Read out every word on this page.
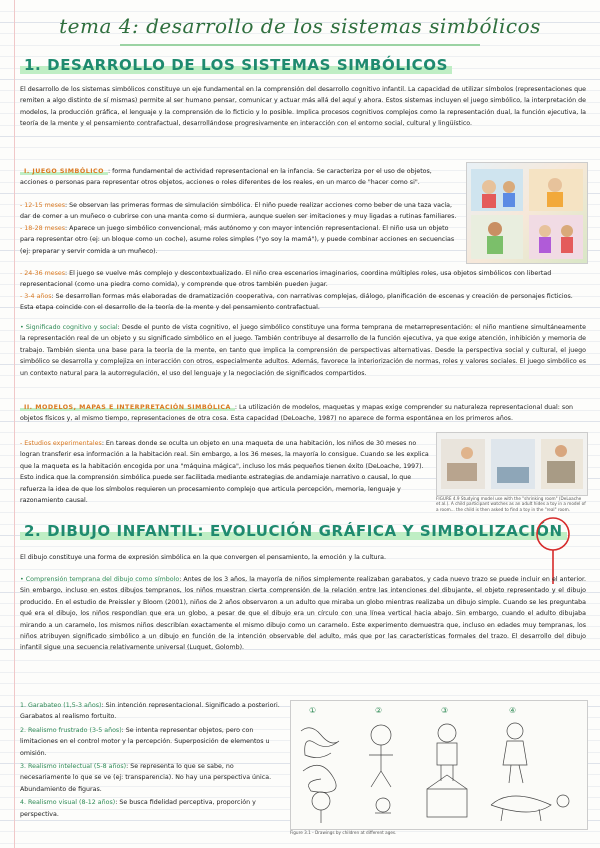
tema 4: desarrollo de los sistemas simbólicos
1. DESARROLLO DE LOS SISTEMAS SIMBÓLICOS
El desarrollo de los sistemas simbólicos constituye un eje fundamental en la comprensión del desarrollo cognitivo infantil. La capacidad de utilizar símbolos (representaciones que remiten a algo distinto de sí mismas) permite al ser humano pensar, comunicar y actuar más allá del aquí y ahora. Estos sistemas incluyen el juego simbólico, la interpretación de modelos, la producción gráfica, el lenguaje y la comprensión de lo ficticio y lo posible. Implica procesos cognitivos complejos como la representación dual, la función ejecutiva, la teoría de la mente y el pensamiento contrafactual, desarrollándose progresivamente en interacción con el entorno social, cultural y lingüístico.
I. JUEGO SIMBÓLICO : forma fundamental de actividad representacional en la infancia. Se caracteriza por el uso de objetos, acciones o personas para representar otros objetos, acciones o roles diferentes de los reales, en un marco de "hacer como si".
- 12-15 meses: Se observan las primeras formas de simulación simbólica. El niño puede realizar acciones como beber de una taza vacía, dar de comer a un muñeco o cubrirse con una manta como si durmiera, aunque suelen ser imitaciones y muy ligadas a rutinas familiares.
- 18-28 meses: Aparece un juego simbólico convencional, más autónomo y con mayor intención representacional. El niño usa un objeto para representar otro (ej: un bloque como un coche), asume roles simples ("yo soy la mamá"), y puede combinar acciones en secuencias (ej: preparar y servir comida a un muñeco).
- 24-36 meses: El juego se vuelve más complejo y descontextualizado. El niño crea escenarios imaginarios, coordina múltiples roles, usa objetos simbólicos con libertad representacional (como una piedra como comida), y comprende que otros también pueden jugar.
- 3-4 años: Se desarrollan formas más elaboradas de dramatización cooperativa, con narrativas complejas, diálogo, planificación de escenas y creación de personajes ficticios. Esta etapa coincide con el desarrollo de la teoría de la mente y del pensamiento contrafactual.
• Significado cognitivo y social: Desde el punto de vista cognitivo, el juego simbólico constituye una forma temprana de metarrepresentación: el niño mantiene simultáneamente la representación real de un objeto y su significado simbólico en el juego. También contribuye al desarrollo de la función ejecutiva, ya que exige atención, inhibición y memoria de trabajo. También sienta una base para la teoría de la mente, en tanto que implica la comprensión de perspectivas alternativas. Desde la perspectiva social y cultural, el juego simbólico se desarrolla y complejiza en interacción con otros, especialmente adultos. Además, favorece la interiorización de normas, roles y valores sociales. El juego simbólico es un contexto natural para la autorregulación, el uso del lenguaje y la negociación de significados compartidos.
II. MODELOS, MAPAS E INTERPRETACIÓN SIMBÓLICA : La utilización de modelos, maquetas y mapas exige comprender su naturaleza representacional dual: son objetos físicos y, al mismo tiempo, representaciones de otra cosa. Esta capacidad (DeLoache, 1987) no aparece de forma espontánea en los primeros años.
- Estudios experimentales: En tareas donde se oculta un objeto en una maqueta de una habitación, los niños de 30 meses no logran transferir esa información a la habitación real. Sin embargo, a los 36 meses, la mayoría lo consigue. Cuando se les explica que la maqueta es la habitación encogida por una "máquina mágica", incluso los más pequeños tienen éxito (DeLoache, 1997). Esto indica que la comprensión simbólica puede ser facilitada mediante estrategias de andamiaje narrativo o causal, lo que refuerza la idea de que los símbolos requieren un procesamiento complejo que articula percepción, memoria, lenguaje y razonamiento causal.	FIGURE 4.9 Studying model use with the "shrinking room" (DeLoache et al.). A child participant watches as an adult hides a toy in a model of a room... the child is then asked to find a toy in the "real" room.
2. DIBUJO INFANTIL: EVOLUCIÓN GRÁFICA Y SIMBOLIZACIÓN
El dibujo constituye una forma de expresión simbólica en la que convergen el pensamiento, la emoción y la cultura.
• Comprensión temprana del dibujo como símbolo: Antes de los 3 años, la mayoría de niños simplemente realizaban garabatos, y cada nuevo trazo se puede incluir en el anterior. Sin embargo, incluso en estos dibujos tempranos, los niños muestran cierta comprensión de la relación entre las intenciones del dibujante, el objeto representado y el dibujo producido. En el estudio de Preissler y Bloom (2001), niños de 2 años observaron a un adulto que miraba un globo mientras realizaba un dibujo simple. Cuando se les preguntaba qué era el dibujo, los niños respondían que era un globo, a pesar de que el dibujo era un círculo con una línea vertical hacia abajo. Sin embargo, cuando el adulto dibujaba mirando a un caramelo, los mismos niños describían exactamente el mismo dibujo como un caramelo. Este experimento demuestra que, incluso en edades muy tempranas, los niños atribuyen significado simbólico a un dibujo en función de la intención observable del adulto, más que por las características formales del trazo. El desarrollo del dibujo infantil sigue una secuencia relativamente universal (Luquet, Golomb).
1. Garabateo (1,5-3 años): Sin intención representacional. Significado a posteriori. Garabatos al realismo fortuito.
2. Realismo frustrado (3-5 años): Se intenta representar objetos, pero con limitaciones en el control motor y la percepción. Superposición de elementos u omisión.
3. Realismo intelectual (5-8 años): Se representa lo que se sabe, no necesariamente lo que se ve (ej: transparencia). No hay una perspectiva única. Abundamiento de figuras.
4. Realismo visual (8-12 años): Se busca fidelidad perceptiva, proporción y perspectiva.
①	②	③	④
Figure 3.1 - Drawings by children at different ages.
